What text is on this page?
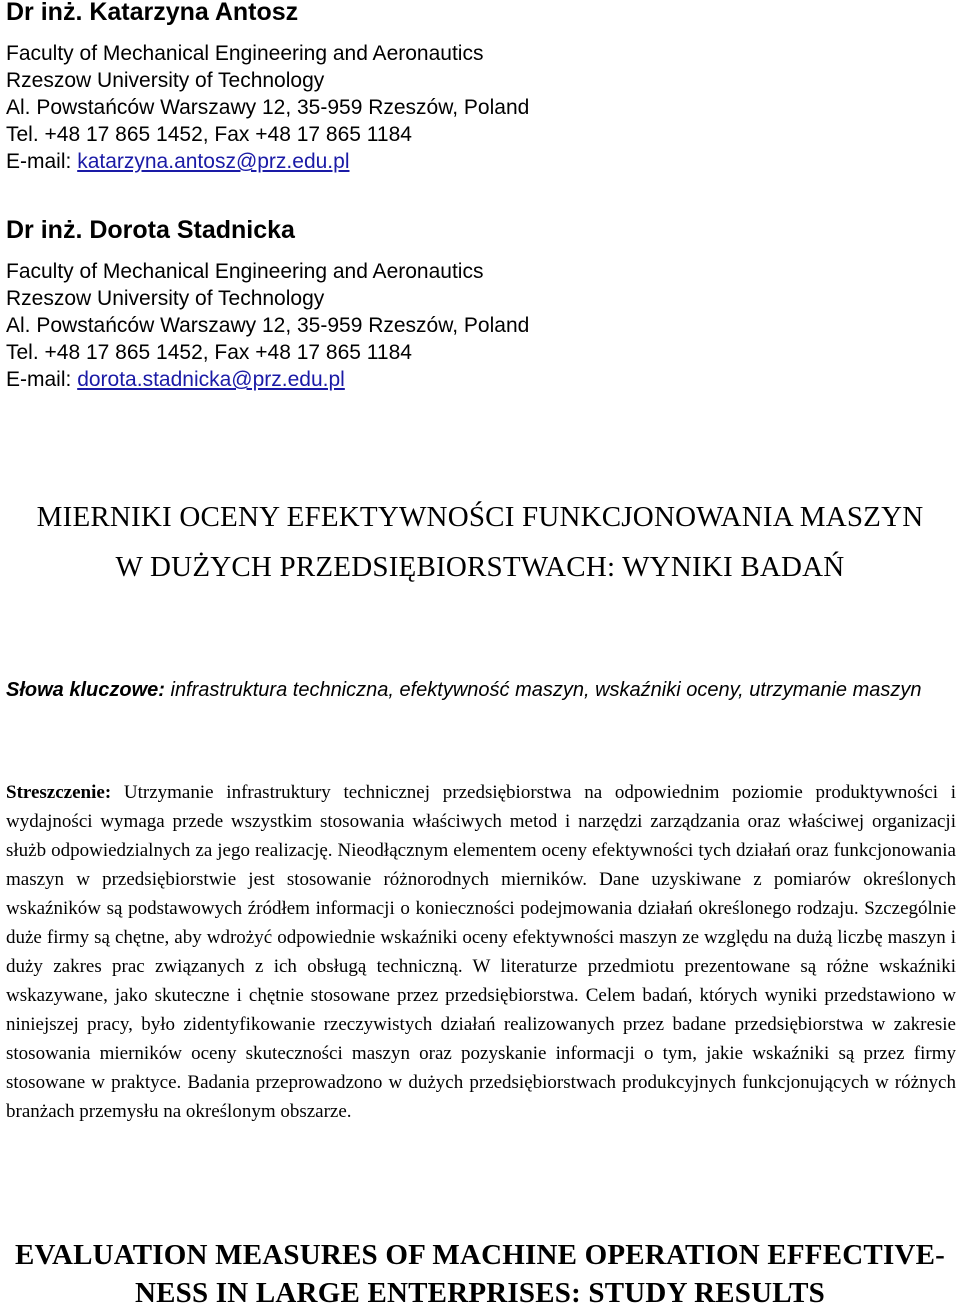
Dr inż. Katarzyna Antosz
Faculty of Mechanical Engineering and Aeronautics
Rzeszow University of Technology
Al. Powstańców Warszawy 12, 35-959 Rzeszów, Poland
Tel. +48 17 865 1452, Fax +48 17 865 1184
E-mail: katarzyna.antosz@prz.edu.pl
Dr inż. Dorota Stadnicka
Faculty of Mechanical Engineering and Aeronautics
Rzeszow University of Technology
Al. Powstańców Warszawy 12, 35-959 Rzeszów, Poland
Tel. +48 17 865 1452, Fax +48 17 865 1184
E-mail: dorota.stadnicka@prz.edu.pl
MIERNIKI OCENY EFEKTYWNOŚCI FUNKCJONOWANIA MASZYN
W DUŻYCH PRZEDSIĘBIORSTWACH: WYNIKI BADAŃ
Słowa kluczowe: infrastruktura techniczna, efektywność maszyn, wskaźniki oceny, utrzymanie maszyn
Streszczenie: Utrzymanie infrastruktury technicznej przedsiębiorstwa na odpowiednim poziomie produktywności i wydajności wymaga przede wszystkim stosowania właściwych metod i narzędzi zarządzania oraz właściwej organizacji służb odpowiedzialnych za jego realizację. Nieodłącznym elementem oceny efektywności tych działań oraz funkcjonowania maszyn w przedsiębiorstwie jest stosowanie różnorodnych mierników. Dane uzyskiwane z pomiarów określonych wskaźników są podstawowych źródłem informacji o konieczności podejmowania działań określonego rodzaju. Szczególnie duże firmy są chętne, aby wdrożyć odpowiednie wskaźniki oceny efektywności maszyn ze względu na dużą liczbę maszyn i duży zakres prac związanych z ich obsługą techniczną. W literaturze przedmiotu prezentowane są różne wskaźniki wskazywane, jako skuteczne i chętnie stosowane przez przedsiębiorstwa. Celem badań, których wyniki przedstawiono w niniejszej pracy, było zidentyfikowanie rzeczywistych działań realizowanych przez badane przedsiębiorstwa w zakresie stosowania mierników oceny skuteczności maszyn oraz pozyskanie informacji o tym, jakie wskaźniki są przez firmy stosowane w praktyce. Badania przeprowadzono w dużych przedsiębiorstwach produkcyjnych funkcjonujących w różnych branżach przemysłu na określonym obszarze.
EVALUATION MEASURES OF MACHINE OPERATION EFFECTIVE-
NESS IN LARGE ENTERPRISES: STUDY RESULTS
